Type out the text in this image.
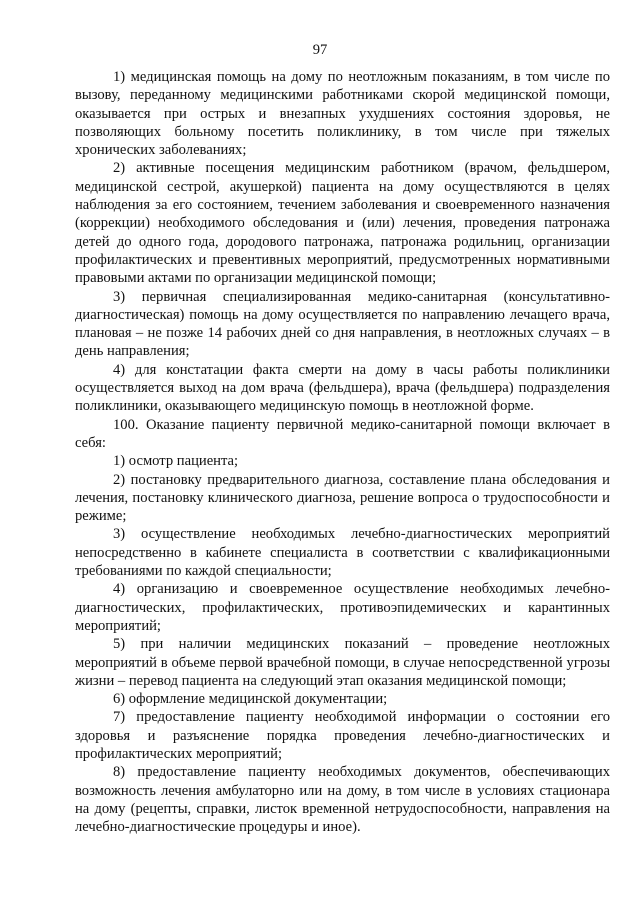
97

1) медицинская помощь на дому по неотложным показаниям, в том числе по вызову, переданному медицинскими работниками скорой медицинской помощи, оказывается при острых и внезапных ухудшениях состояния здоровья, не позволяющих больному посетить поликлинику, в том числе при тяжелых хронических заболеваниях;

2) активные посещения медицинским работником (врачом, фельдшером, медицинской сестрой, акушеркой) пациента на дому осуществляются в целях наблюдения за его состоянием, течением заболевания и своевременного назначения (коррекции) необходимого обследования и (или) лечения, проведения патронажа детей до одного года, дородового патронажа, патронажа родильниц, организации профилактических и превентивных мероприятий, предусмотренных нормативными правовыми актами по организации медицинской помощи;

3) первичная специализированная медико-санитарная (консультативно-диагностическая) помощь на дому осуществляется по направлению лечащего врача, плановая – не позже 14 рабочих дней со дня направления, в неотложных случаях – в день направления;

4) для констатации факта смерти на дому в часы работы поликлиники осуществляется выход на дом врача (фельдшера), врача (фельдшера) подразделения поликлиники, оказывающего медицинскую помощь в неотложной форме.

100. Оказание пациенту первичной медико-санитарной помощи включает в себя:

1) осмотр пациента;

2) постановку предварительного диагноза, составление плана обследования и лечения, постановку клинического диагноза, решение вопроса о трудоспособности и режиме;

3) осуществление необходимых лечебно-диагностических мероприятий непосредственно в кабинете специалиста в соответствии с квалификационными требованиями по каждой специальности;

4) организацию и своевременное осуществление необходимых лечебно-диагностических, профилактических, противоэпидемических и карантинных мероприятий;

5) при наличии медицинских показаний – проведение неотложных мероприятий в объеме первой врачебной помощи, в случае непосредственной угрозы жизни – перевод пациента на следующий этап оказания медицинской помощи;

6) оформление медицинской документации;

7) предоставление пациенту необходимой информации о состоянии его здоровья и разъяснение порядка проведения лечебно-диагностических и профилактических мероприятий;

8) предоставление пациенту необходимых документов, обеспечивающих возможность лечения амбулаторно или на дому, в том числе в условиях стационара на дому (рецепты, справки, листок временной нетрудоспособности, направления на лечебно-диагностические процедуры и иное).
